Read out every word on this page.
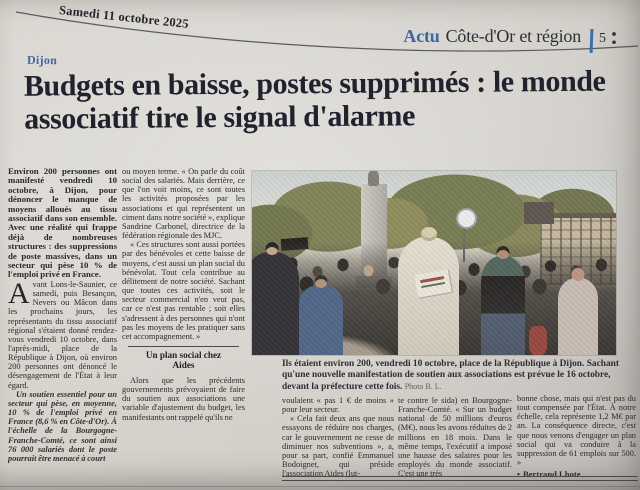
Samedi 11 octobre 2025
Actu Côte-d'Or et région 5
Dijon
Budgets en baisse, postes supprimés : le monde associatif tire le signal d'alarme

Environ 200 personnes ont manifesté vendredi 10 octobre, à Dijon, pour dénoncer le manque de moyens alloués au tissu associatif dans son ensemble. Avec une réalité qui frappe déjà de nombreuses structures : des suppressions de poste massives, dans un secteur qui pèse 10 % de l'emploi privé en France.

Avant Lons-le-Saunier, ce samedi, puis Besançon, Nevers ou Mâcon dans les prochains jours, les représentants du tissu associatif régional s'étaient donné rendez-vous vendredi 10 octobre, dans l'après-midi, place de la République à Dijon, où environ 200 personnes ont dénoncé le désengagement de l'État à leur égard.

Un soutien essentiel pour un secteur qui pèse, en moyenne, 10 % de l'emploi privé en France (8,6 % en Côte-d'Or). À l'échelle de la Bourgogne-Franche-Comté, ce sont ainsi 76 000 salariés dont le poste pourrait être menacé à court

ou moyen terme. « On parle du coût social des salariés. Mais derrière, ce que l'on voit moins, ce sont toutes les activités proposées par les associations et qui représentent un ciment dans notre société », explique Sandrine Carbonel, directrice de la fédération régionale des MJC.

« Ces structures sont aussi portées par des bénévoles et cette baisse de moyens, c'est aussi un plan social du bénévolat. Tout cela contribue au délitement de notre société. Sachant que toutes ces activités, soit le secteur commercial n'en veut pas, car ce n'est pas rentable ; soit elles s'adressent à des personnes qui n'ont pas les moyens de les pratiquer sans cet accompagnement. »

Un plan social chez Aides

Alors que les précédents gouvernements prévoyaient de faire du soutien aux associations une variable d'ajustement du budget, les manifestants ont rappelé qu'ils ne

Ils étaient environ 200, vendredi 10 octobre, place de la République à Dijon. Sachant qu'une nouvelle manifestation de soutien aux associations est prévue le 16 octobre, devant la préfecture cette fois. Photo B. L.

voulaient « pas 1 € de moins » pour leur secteur.

« Cela fait deux ans que nous essayons de réduire nos charges, car le gouvernement ne cesse de diminuer nos subventions », a, pour sa part, confié Emmanuel Bodoignet, qui préside l'association Aides (lut-

te contre le sida) en Bourgogne-Franche-Comté. « Sur un budget national de 50 millions d'euros (M€), nous les avons réduites de 2 millions en 18 mois. Dans le même temps, l'exécutif a imposé une hausse des salaires pour les employés du monde associatif. C'est une très

bonne chose, mais qui n'est pas du tout compensée par l'État. À notre échelle, cela représente 1,2 M€ par an. La conséquence directe, c'est que nous venons d'engager un plan social qui va conduire à la suppression de 61 emplois sur 500. »

• Bertrand Lhote
